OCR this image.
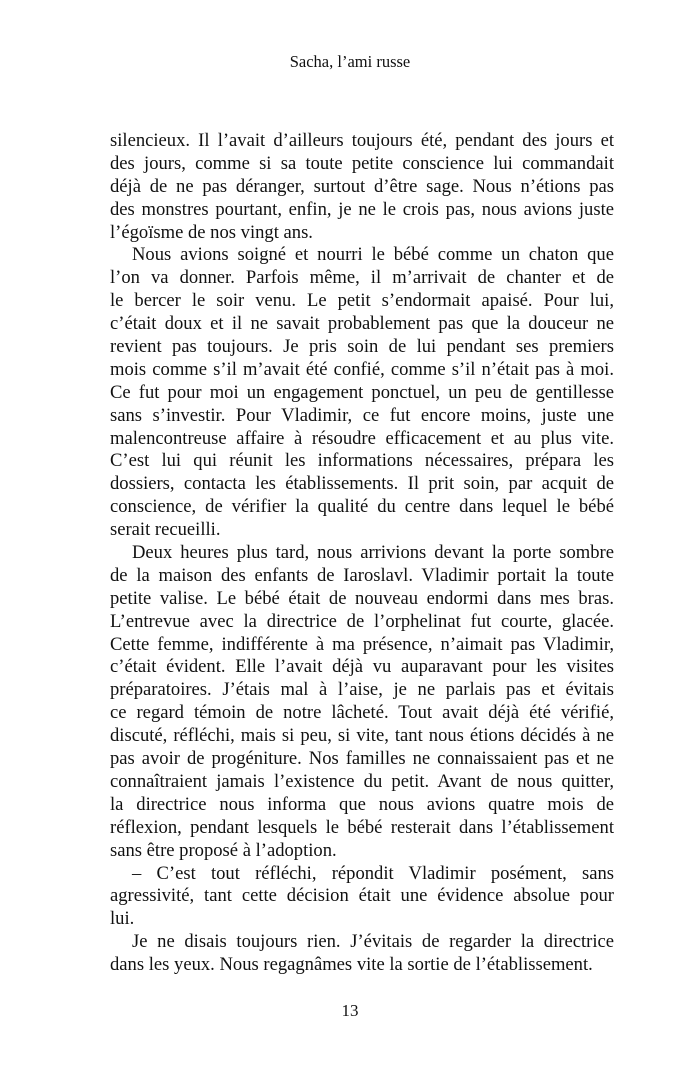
Sacha, l’ami russe
silencieux. Il l’avait d’ailleurs toujours été, pendant des jours et
des jours, comme si sa toute petite conscience lui commandait
déjà de ne pas déranger, surtout d’être sage. Nous n’étions pas
des monstres pourtant, enfin, je ne le crois pas, nous avions juste
l’égoïsme de nos vingt ans.
Nous avions soigné et nourri le bébé comme un chaton que
l’on va donner. Parfois même, il m’arrivait de chanter et de
le bercer le soir venu. Le petit s’endormait apaisé. Pour lui,
c’était doux et il ne savait probablement pas que la douceur ne
revient pas toujours. Je pris soin de lui pendant ses premiers
mois comme s’il m’avait été confié, comme s’il n’était pas à moi.
Ce fut pour moi un engagement ponctuel, un peu de gentillesse
sans s’investir. Pour Vladimir, ce fut encore moins, juste une
malencontreuse affaire à résoudre efficacement et au plus vite.
C’est lui qui réunit les informations nécessaires, prépara les
dossiers, contacta les établissements. Il prit soin, par acquit de
conscience, de vérifier la qualité du centre dans lequel le bébé
serait recueilli.
Deux heures plus tard, nous arrivions devant la porte sombre
de la maison des enfants de Iaroslavl. Vladimir portait la toute
petite valise. Le bébé était de nouveau endormi dans mes bras.
L’entrevue avec la directrice de l’orphelinat fut courte, glacée.
Cette femme, indifférente à ma présence, n’aimait pas Vladimir,
c’était évident. Elle l’avait déjà vu auparavant pour les visites
préparatoires. J’étais mal à l’aise, je ne parlais pas et évitais
ce regard témoin de notre lâcheté. Tout avait déjà été vérifié,
discuté, réfléchi, mais si peu, si vite, tant nous étions décidés à ne
pas avoir de progéniture. Nos familles ne connaissaient pas et ne
connaîtraient jamais l’existence du petit. Avant de nous quitter,
la directrice nous informa que nous avions quatre mois de
réflexion, pendant lesquels le bébé resterait dans l’établissement
sans être proposé à l’adoption.
– C’est tout réfléchi, répondit Vladimir posément, sans
agressivité, tant cette décision était une évidence absolue pour
lui.
Je ne disais toujours rien. J’évitais de regarder la directrice
dans les yeux. Nous regagnâmes vite la sortie de l’établissement.
13
